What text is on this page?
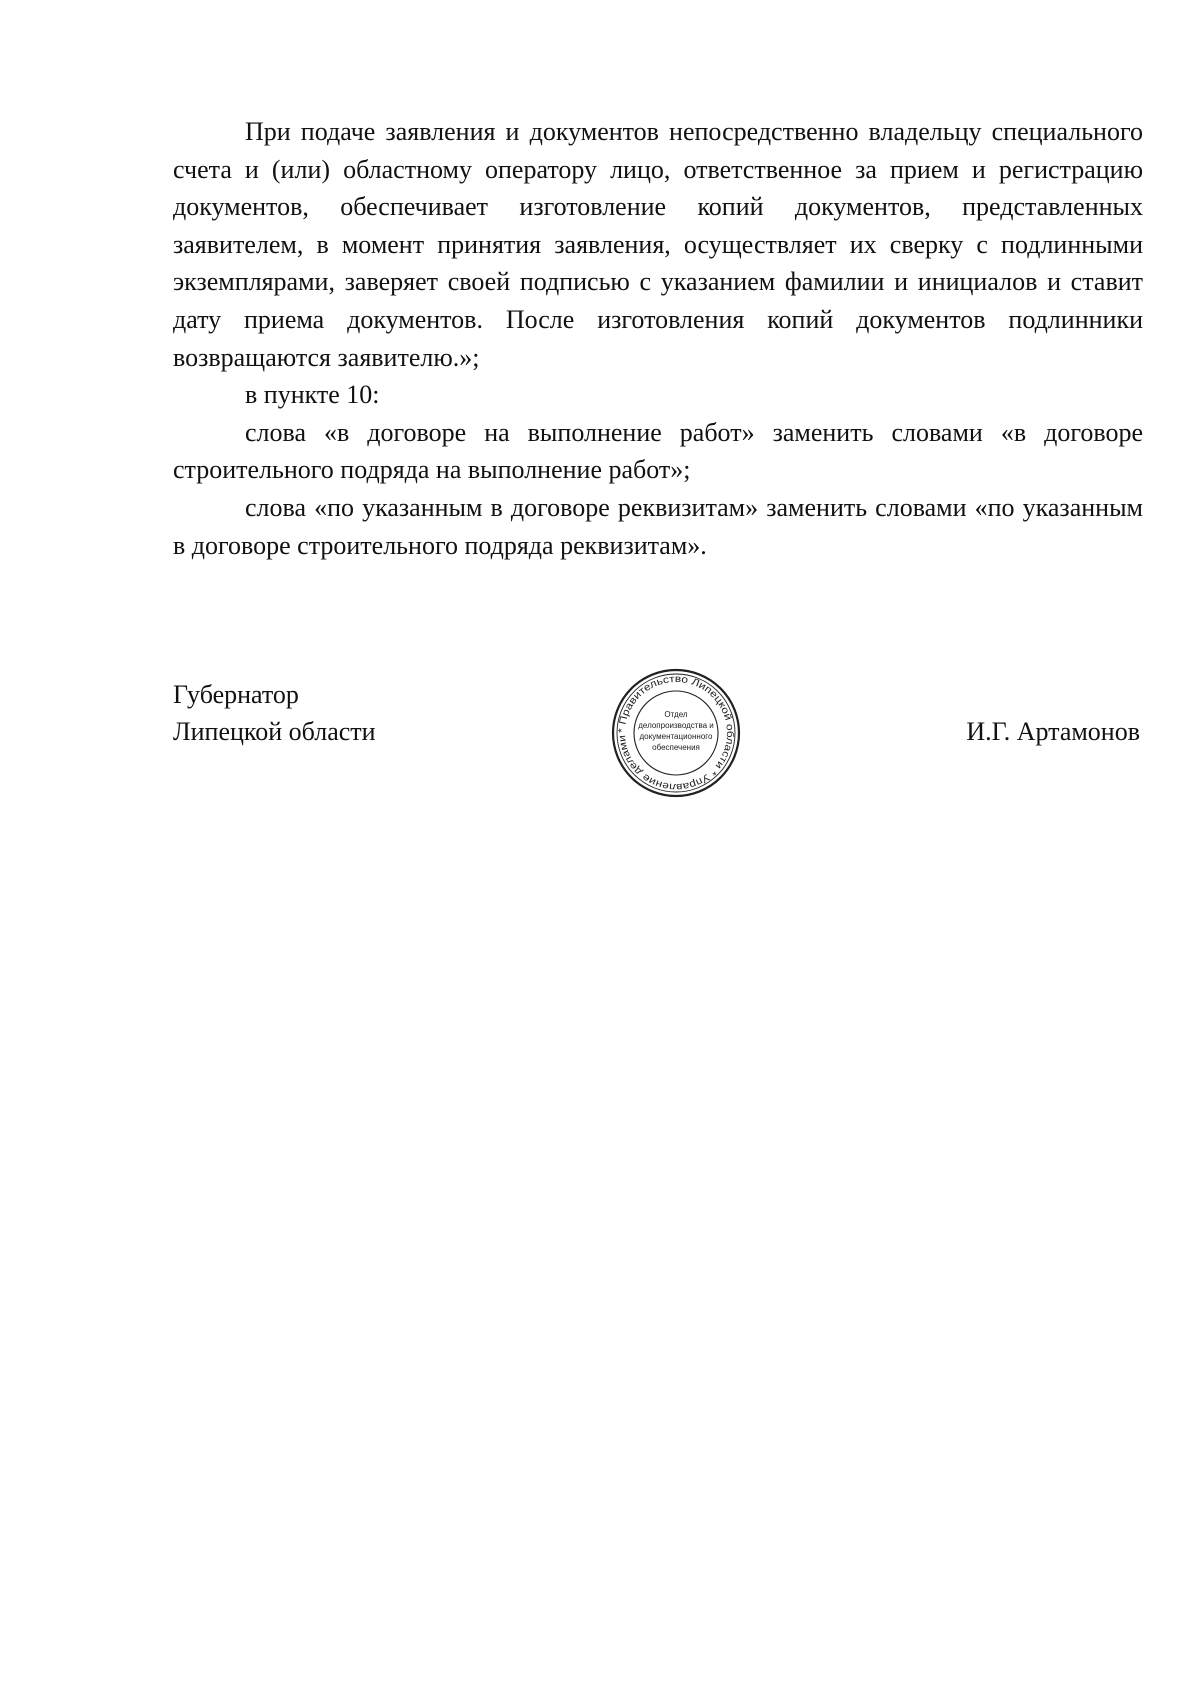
При подаче заявления и документов непосредственно владельцу специального счета и (или) областному оператору лицо, ответственное за прием и регистрацию документов, обеспечивает изготовление копий документов, представленных заявителем, в момент принятия заявления, осуществляет их сверку с подлинными экземплярами, заверяет своей подписью с указанием фамилии и инициалов и ставит дату приема документов. После изготовления копий документов подлинники возвращаются заявителю.»;

в пункте 10:

слова «в договоре на выполнение работ» заменить словами «в договоре строительного подряда на выполнение работ»;

слова «по указанным в договоре реквизитам» заменить словами «по указанным в договоре строительного подряда реквизитам».

Губернатор
Липецкой области	* Правительство Липецкой области * Управление делами
Отдел
делопроизводства и
документационного
обеспечения
И.Г. Артамонов
